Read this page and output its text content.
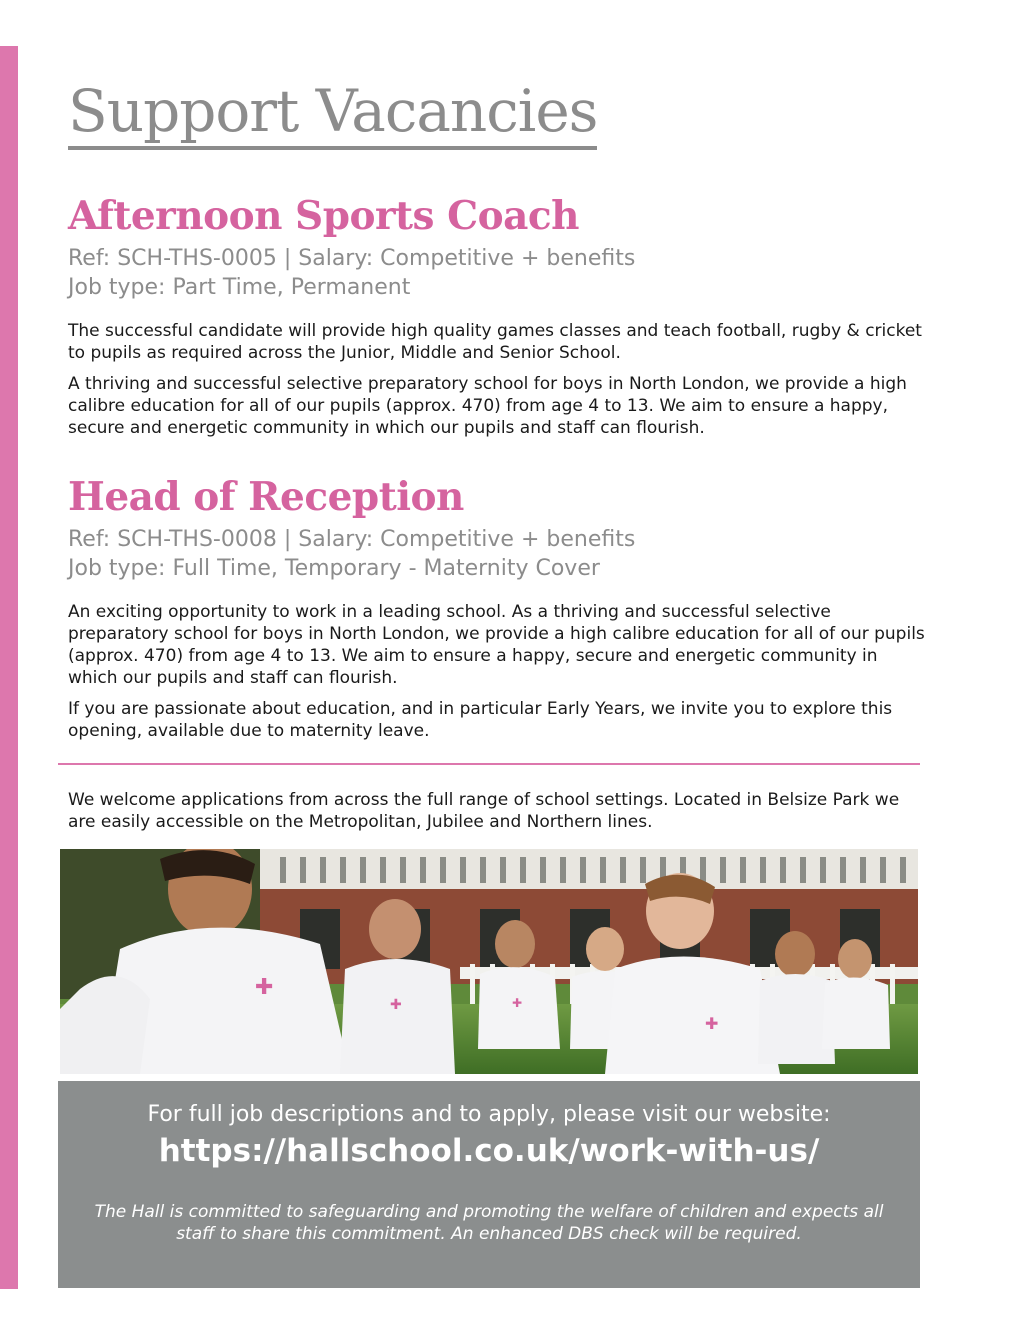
Support Vacancies
Afternoon Sports Coach
Ref: SCH-THS-0005 | Salary: Competitive + benefits
Job type: Part Time, Permanent

The successful candidate will provide high quality games classes and teach football, rugby & cricket to pupils as required across the Junior, Middle and Senior School.

A thriving and successful selective preparatory school for boys in North London, we provide a high calibre education for all of our pupils (approx. 470) from age 4 to 13. We aim to ensure a happy, secure and energetic community in which our pupils and staff can flourish.

Head of Reception
Ref: SCH-THS-0008 | Salary: Competitive + benefits
Job type: Full Time, Temporary - Maternity Cover

An exciting opportunity to work in a leading school. As a thriving and successful selective preparatory school for boys in North London, we provide a high calibre education for all of our pupils (approx. 470) from age 4 to 13. We aim to ensure a happy, secure and energetic community in which our pupils and staff can flourish.

If you are passionate about education, and in particular Early Years, we invite you to explore this opening, available due to maternity leave.

We welcome applications from across the full range of school settings. Located in Belsize Park we are easily accessible on the Metropolitan, Jubilee and Northern lines.

✚
✚	✚
✚
For full job descriptions and to apply, please visit our website:
https://hallschool.co.uk/work-with-us/
The Hall is committed to safeguarding and promoting the welfare of children and expects all staff to share this commitment. An enhanced DBS check will be required.
